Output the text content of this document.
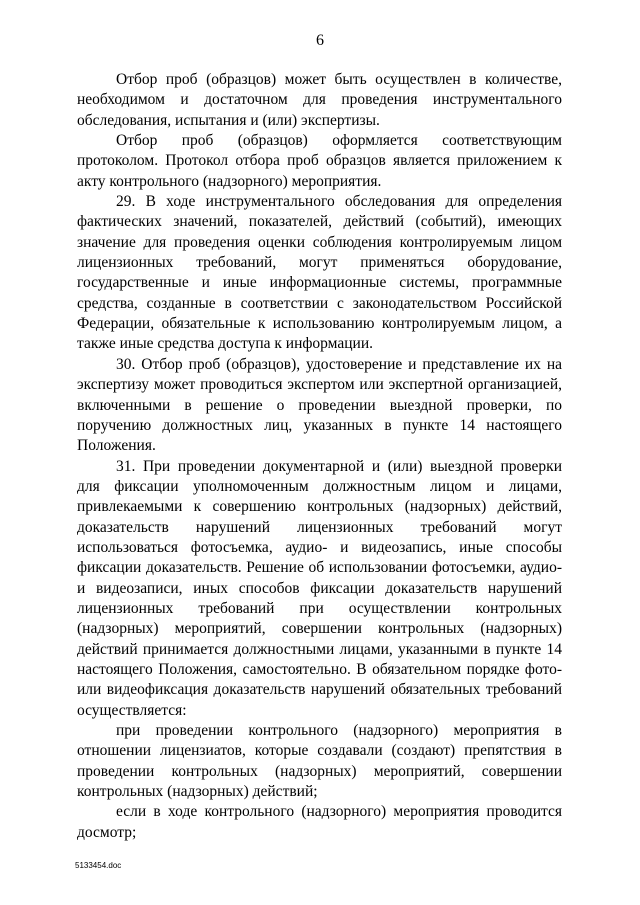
6

Отбор проб (образцов) может быть осуществлен в количестве, необходимом и достаточном для проведения инструментального обследования, испытания и (или) экспертизы.

Отбор проб (образцов) оформляется соответствующим протоколом. Протокол отбора проб образцов является приложением к акту контрольного (надзорного) мероприятия.

29. В ходе инструментального обследования для определения фактических значений, показателей, действий (событий), имеющих значение для проведения оценки соблюдения контролируемым лицом лицензионных требований, могут применяться оборудование, государственные и иные информационные системы, программные средства, созданные в соответствии с законодательством Российской Федерации, обязательные к использованию контролируемым лицом, а также иные средства доступа к информации.

30. Отбор проб (образцов), удостоверение и представление их на экспертизу может проводиться экспертом или экспертной организацией, включенными в решение о проведении выездной проверки, по поручению должностных лиц, указанных в пункте 14 настоящего Положения.

31. При проведении документарной и (или) выездной проверки для фиксации уполномоченным должностным лицом и лицами, привлекаемыми к совершению контрольных (надзорных) действий, доказательств нарушений лицензионных требований могут использоваться фотосъемка, аудио- и видеозапись, иные способы фиксации доказательств. Решение об использовании фотосъемки, аудио- и видеозаписи, иных способов фиксации доказательств нарушений лицензионных требований при осуществлении контрольных (надзорных) мероприятий, совершении контрольных (надзорных) действий принимается должностными лицами, указанными в пункте 14 настоящего Положения, самостоятельно. В обязательном порядке фото- или видеофиксация доказательств нарушений обязательных требований осуществляется:

при проведении контрольного (надзорного) мероприятия в отношении лицензиатов, которые создавали (создают) препятствия в проведении контрольных (надзорных) мероприятий, совершении контрольных (надзорных) действий;

если в ходе контрольного (надзорного) мероприятия проводится досмотр;

5133454.doc
